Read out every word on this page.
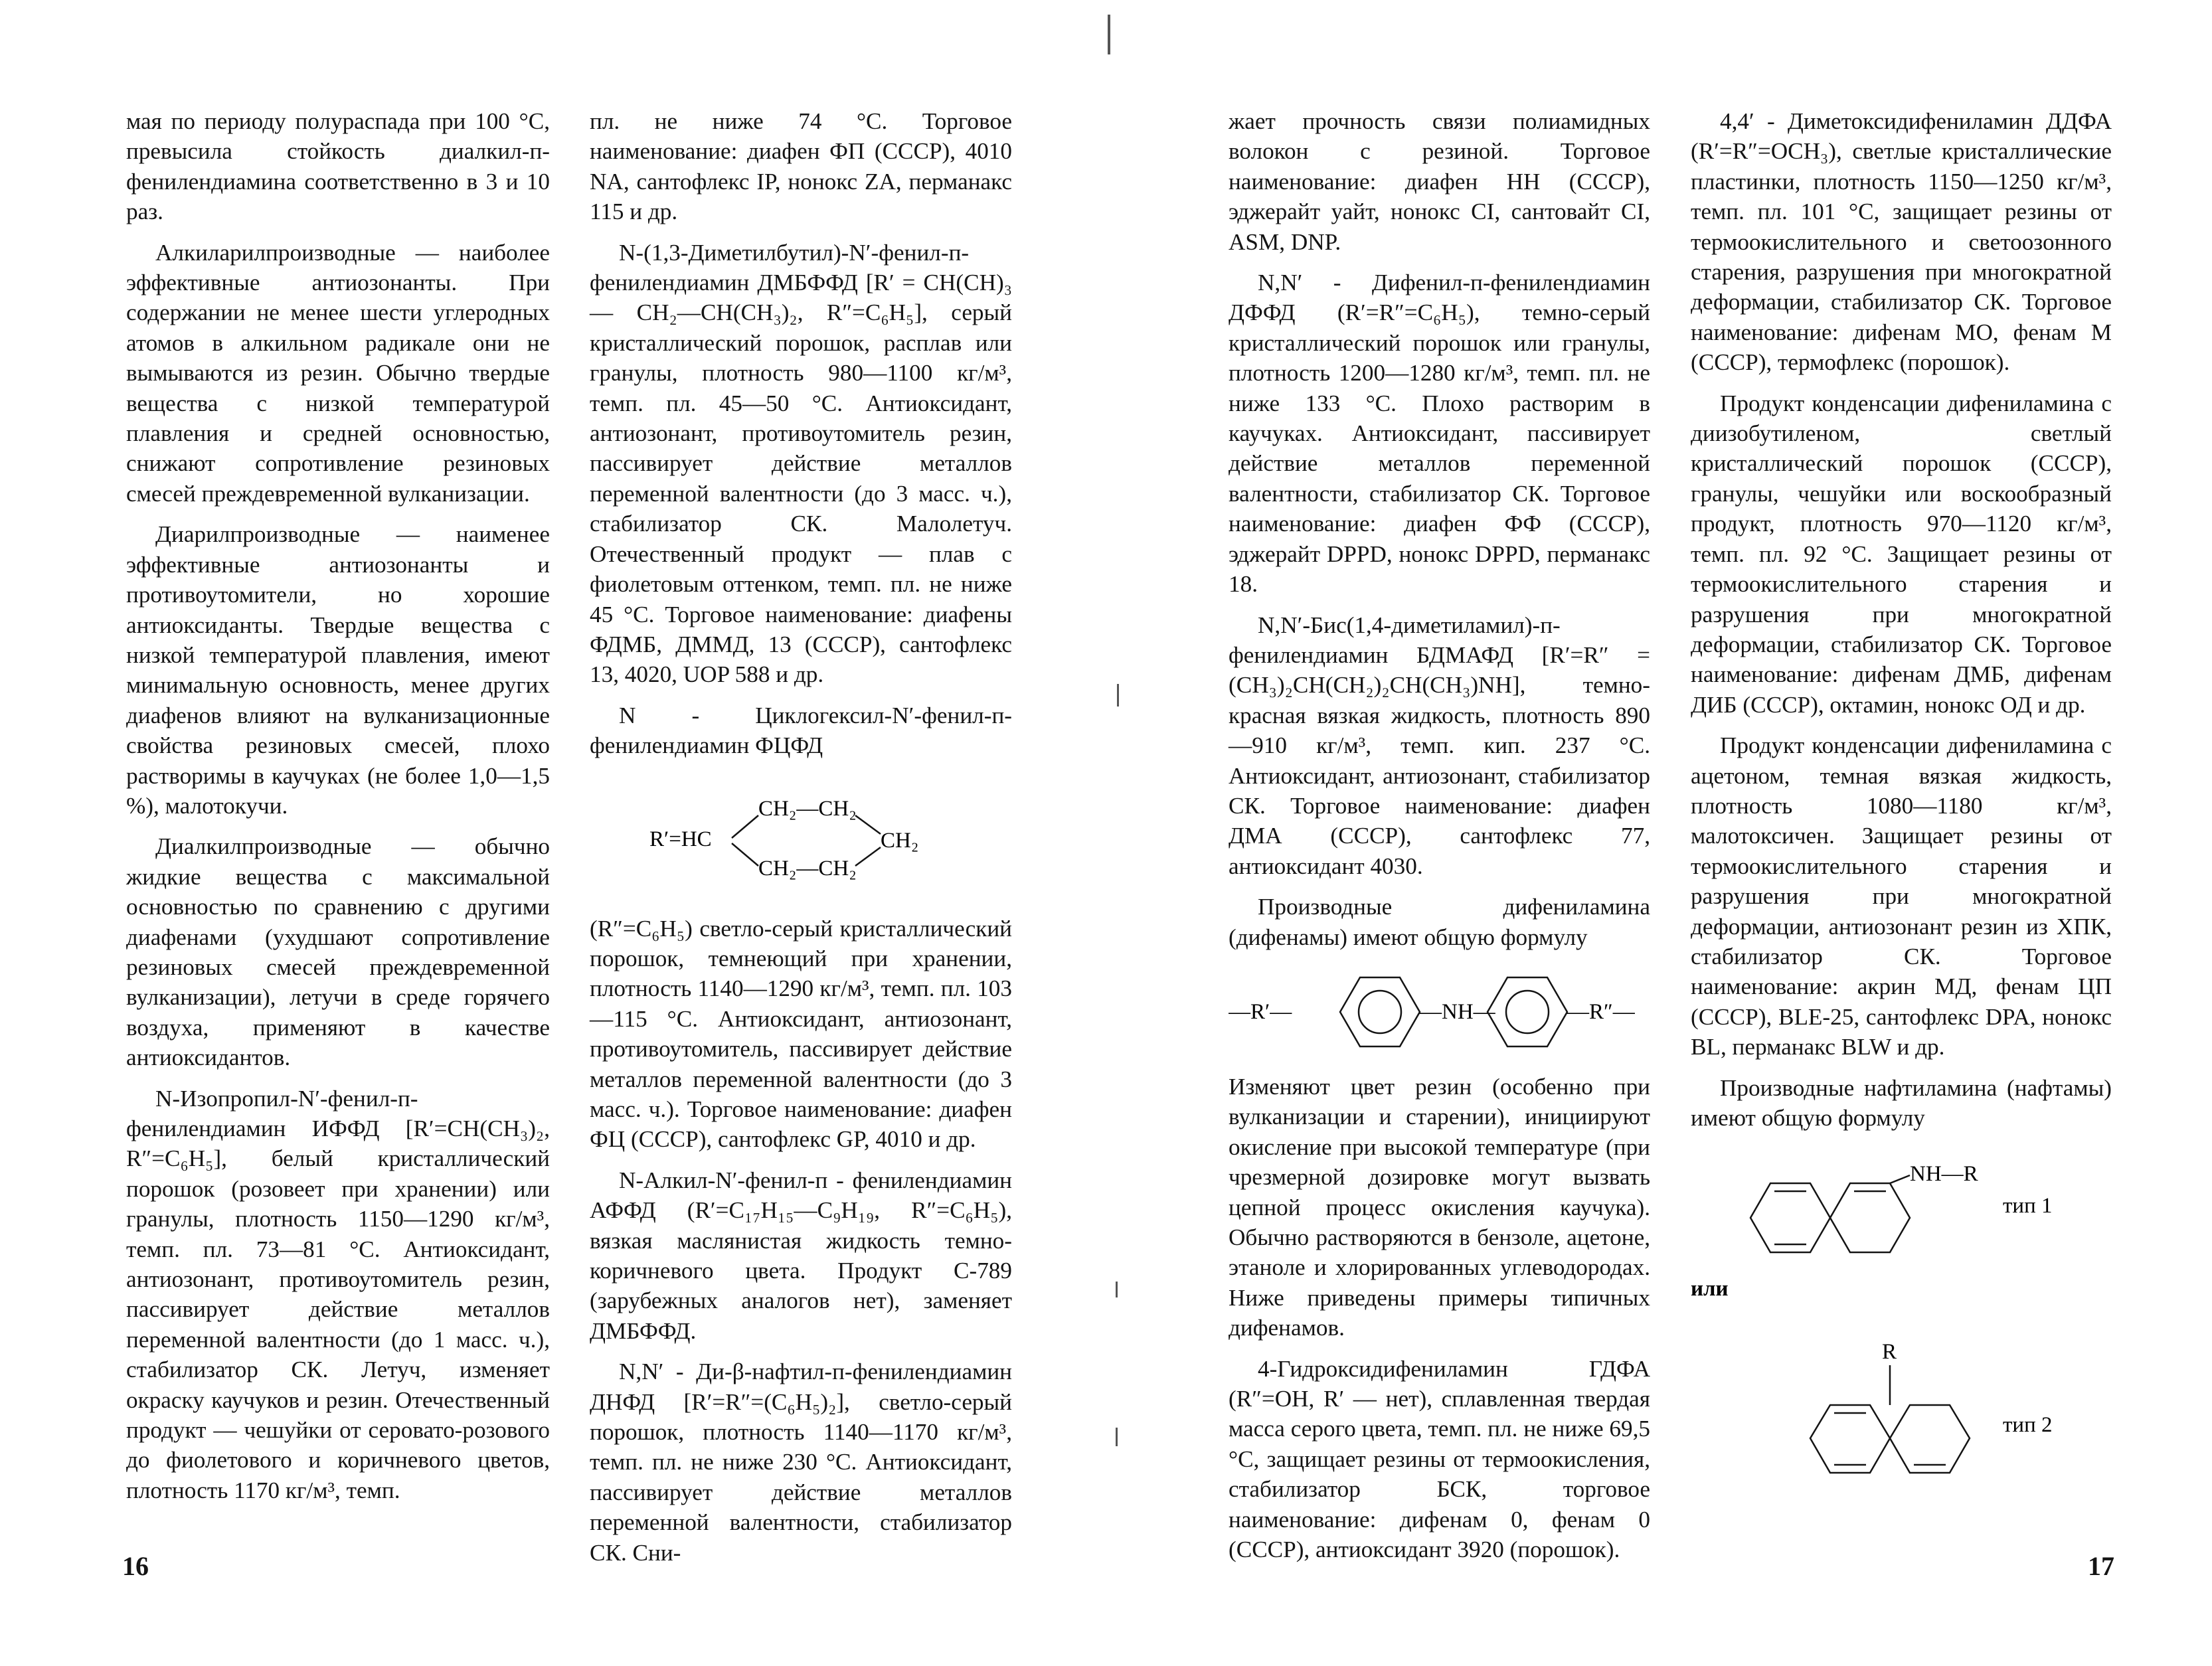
мая по периоду полураспада при 100 °С, превысила стойкость диалкил-п-фенилендиамина соответственно в 3 и 10 раз.

Алкиларилпроизводные — наиболее эффективные антиозонанты. При содержании не менее шести углеродных атомов в алкильном радикале они не вымываются из резин. Обычно твердые вещества с низкой температурой плавления и средней основностью, снижают сопротивление резиновых смесей преждевременной вулканизации.

Диарилпроизводные — наименее эффективные антиозонанты и противоутомители, но хорошие антиоксиданты. Твердые вещества с низкой температурой плавления, имеют минимальную основность, менее других диафенов влияют на вулканизационные свойства резиновых смесей, плохо растворимы в каучуках (не более 1,0—1,5 %), малотокучи.

Диалкилпроизводные — обычно жидкие вещества с максимальной основностью по сравнению с другими диафенами (ухудшают сопротивление резиновых смесей преждевременной вулканизации), летучи в среде горячего воздуха, применяют в качестве антиоксидантов.

N-Изопропил-N′-фенил-п-фенилендиамин ИФФД [R′=CH(CH₃)₂, R″=C₆H₅], белый кристаллический порошок (розовеет при хранении) или гранулы, плотность 1150—1290 кг/м³, темп. пл. 73—81 °С. Антиоксидант, антиозонант, противоутомитель резин, пассивирует действие металлов переменной валентности (до 1 масс. ч.), стабилизатор СК. Летуч, изменяет окраску каучуков и резин. Отечественный продукт — чешуйки от серовато-розового до фиолетового и коричневого цветов, плотность 1170 кг/м³, темп.

пл. не ниже 74 °С. Торговое наименование: диафен ФП (СССР), 4010 NA, сантофлекс IP, нонокс ZA, перманакс 115 и др.

N-(1,3-Диметилбутил)-N′-фенил-п-фенилендиамин ДМБФФД [R′ = CH(CH)₃ — CH₂—CH(CH₃)₂, R″=C₆H₅], серый кристаллический порошок, расплав или гранулы, плотность 980—1100 кг/м³, темп. пл. 45—50 °С. Антиоксидант, антиозонант, противоутомитель резин, пассивирует действие металлов переменной валентности (до 3 масс. ч.), стабилизатор СК. Малолетуч. Отечественный продукт — плав с фиолетовым оттенком, темп. пл. не ниже 45 °С. Торговое наименование: диафены ФДМБ, ДММД, 13 (СССР), сантофлекс 13, 4020, UOP 588 и др.

N - Циклогексил-N′-фенил-п-фенилендиамин ФЦФД

R′=HC
CH₂—CH₂
CH₂—CH₂
CH₂

(R″=C₆H₅) светло-серый кристаллический порошок, темнеющий при хранении, плотность 1140—1290 кг/м³, темп. пл. 103—115 °С. Антиоксидант, антиозонант, противоутомитель, пассивирует действие металлов переменной валентности (до 3 масс. ч.). Торговое наименование: диафен ФЦ (СССР), сантофлекс GP, 4010 и др.

N-Алкил-N′-фенил-п - фенилендиамин АФФД (R′=C₁₇H₁₅—C₉H₁₉, R″=C₆H₅), вязкая маслянистая жидкость темно-коричневого цвета. Продукт С-789 (зарубежных аналогов нет), заменяет ДМБФФД.

N,N′ - Ди-β-нафтил-п-фенилендиамин ДНФД [R′=R″=(C₆H₅)₂], светло-серый порошок, плотность 1140—1170 кг/м³, темп. пл. не ниже 230 °С. Антиоксидант, пассивирует действие металлов переменной валентности, стабилизатор СК. Сни-

16

жает прочность связи полиамидных волокон с резиной. Торговое наименование: диафен НН (СССР), эджерайт уайт, нонокс CI, сантовайт CI, ASM, DNP.

N,N′ - Дифенил-п-фенилендиамин ДФФД (R′=R″=C₆H₅), темно-серый кристаллический порошок или гранулы, плотность 1200—1280 кг/м³, темп. пл. не ниже 133 °С. Плохо растворим в каучуках. Антиоксидант, пассивирует действие металлов переменной валентности, стабилизатор СК. Торговое наименование: диафен ФФ (СССР), эджерайт DPPD, нонокс DPPD, перманакс 18.

N,N′-Бис(1,4-диметиламил)-п-фенилендиамин БДМАФД [R′=R″ = (CH₃)₂CH(CH₂)₂CH(CH₃)NH], темно-красная вязкая жидкость, плотность 890—910 кг/м³, темп. кип. 237 °С. Антиоксидант, антиозонант, стабилизатор СК. Торговое наименование: диафен ДМА (СССР), сантофлекс 77, антиоксидант 4030.

Производные дифениламина (дифенамы) имеют общую формулу

—R′—	—NH—	—R″—

Изменяют цвет резин (особенно при вулканизации и старении), инициируют окисление при высокой температуре (при чрезмерной дозировке могут вызвать цепной процесс окисления каучука). Обычно растворяются в бензоле, ацетоне, этаноле и хлорированных углеводородах. Ниже приведены примеры типичных дифенамов.

4-Гидроксидифениламин ГДФА (R″=OH, R′ — нет), сплавленная твердая масса серого цвета, темп. пл. не ниже 69,5 °С, защищает резины от термоокисления, стабилизатор БСК, торговое наименование: дифенам 0, фенам 0 (СССР), антиоксидант 3920 (порошок).

4,4′ - Диметоксидифениламин ДДФА (R′=R″=OCH₃), светлые кристаллические пластинки, плотность 1150—1250 кг/м³, темп. пл. 101 °С, защищает резины от термоокислительного и светоозонного старения, разрушения при многократной деформации, стабилизатор СК. Торговое наименование: дифенам МО, фенам М (СССР), термофлекс (порошок).

Продукт конденсации дифениламина с диизобутиленом, светлый кристаллический порошок (СССР), гранулы, чешуйки или воскообразный продукт, плотность 970—1120 кг/м³, темп. пл. 92 °С. Защищает резины от термоокислительного старения и разрушения при многократной деформации, стабилизатор СК. Торговое наименование: дифенам ДМБ, дифенам ДИБ (СССР), октамин, нонокс ОД и др.

Продукт конденсации дифениламина с ацетоном, темная вязкая жидкость, плотность 1080—1180 кг/м³, малотоксичен. Защищает резины от термоокислительного старения и разрушения при многократной деформации, антиозонант резин из ХПК, стабилизатор СК. Торговое наименование: акрин МД, фенам ЦП (СССР), BLE-25, сантофлекс DPA, нонокс BL, перманакс BLW и др.

Производные нафтиламина (нафтамы) имеют общую формулу

NH—R
тип 1
или
R
тип 2
17
